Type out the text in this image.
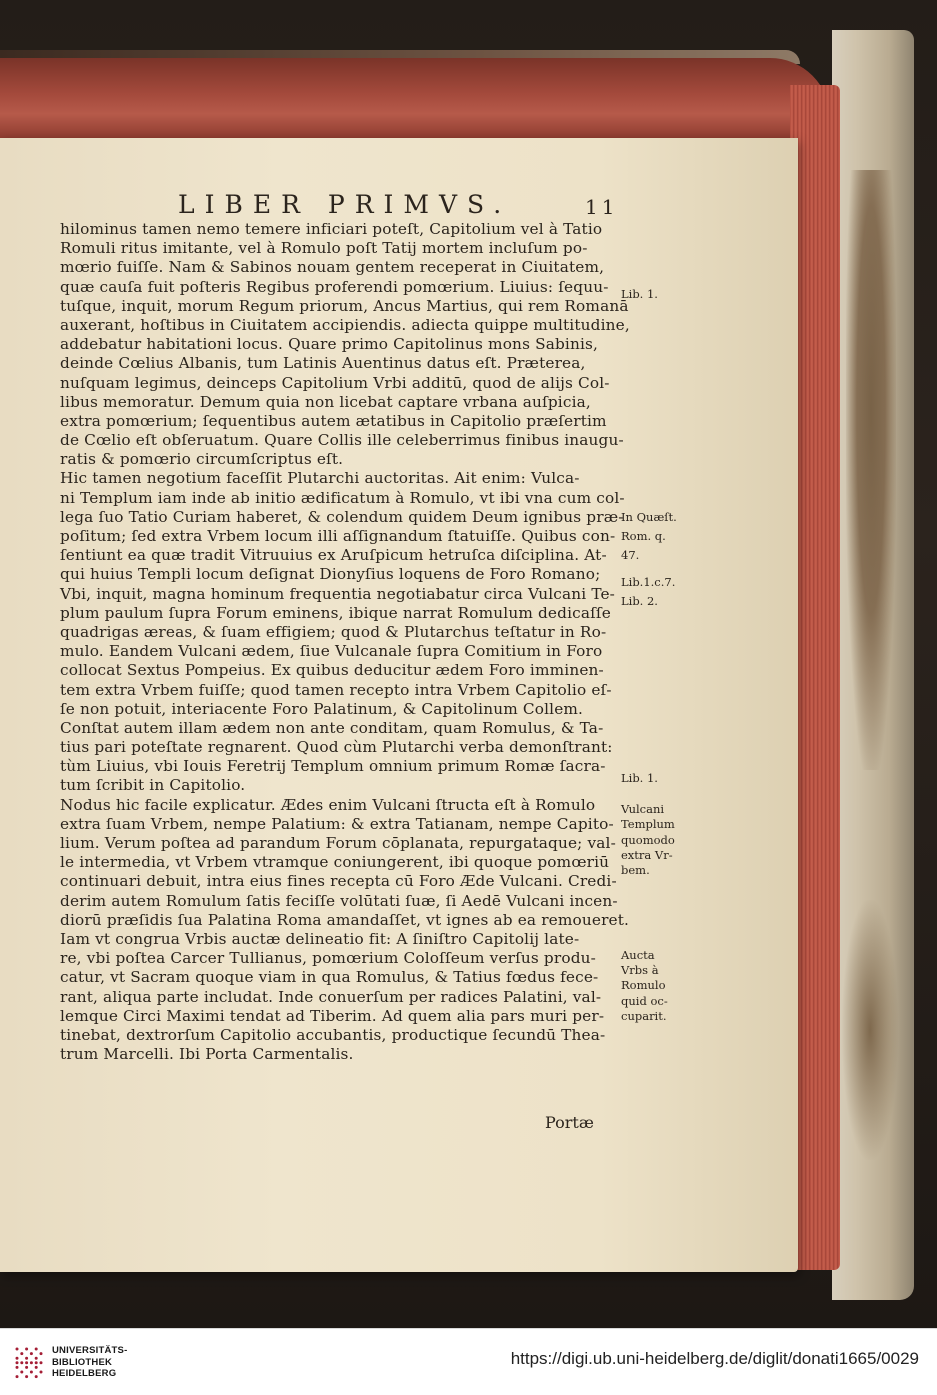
LIBER PRIMVS.	11
hilominus tamen nemo temere inficiari poteſt, Capitolium vel à Tatio
Romuli ritus imitante, vel à Romulo poſt Tatij mortem incluſum po-
mœrio fuiſſe. Nam & Sabinos nouam gentem receperat in Ciuitatem,
quæ cauſa fuit poſteris Regibus proferendi pomœrium. Liuius: ſequu-
tuſque, inquit, morum Regum priorum, Ancus Martius, qui rem Romanā
auxerant, hoſtibus in Ciuitatem accipiendis. adiecta quippe multitudine,
addebatur habitationi locus. Quare primo Capitolinus mons Sabinis,
deinde Cœlius Albanis, tum Latinis Auentinus datus eſt. Præterea,
nuſquam legimus, deinceps Capitolium Vrbi additū, quod de alijs Col-
libus memoratur. Demum quia non licebat captare vrbana auſpicia,
extra pomœrium; ſequentibus autem ætatibus in Capitolio præſertim
de Cœlio eſt obſeruatum. Quare Collis ille celeberrimus finibus inaugu-
ratis & pomœrio circumſcriptus eſt.
Hic tamen negotium faceſſit Plutarchi auctoritas. Ait enim: Vulca-
ni Templum iam inde ab initio ædificatum à Romulo, vt ibi vna cum col-
lega ſuo Tatio Curiam haberet, & colendum quidem Deum ignibus præ-
poſitum; ſed extra Vrbem locum illi aſſignandum ſtatuiſſe. Quibus con-
ſentiunt ea quæ tradit Vitruuius ex Aruſpicum hetruſca diſciplina. At-
qui huius Templi locum deſignat Dionyſius loquens de Foro Romano;
Vbi, inquit, magna hominum frequentia negotiabatur circa Vulcani Te-
plum paulum ſupra Forum eminens, ibique narrat Romulum dedicaſſe
quadrigas æreas, & ſuam effigiem; quod & Plutarchus teſtatur in Ro-
mulo. Eandem Vulcani ædem, ſiue Vulcanale ſupra Comitium in Foro
collocat Sextus Pompeius. Ex quibus deducitur ædem Foro imminen-
tem extra Vrbem fuiſſe; quod tamen recepto intra Vrbem Capitolio eſ-
ſe non potuit, interiacente Foro Palatinum, & Capitolinum Collem.
Conſtat autem illam ædem non ante conditam, quam Romulus, & Ta-
tius pari poteſtate regnarent. Quod cùm Plutarchi verba demonſtrant:
tùm Liuius, vbi Iouis Feretrij Templum omnium primum Romæ ſacra-
tum ſcribit in Capitolio.
Nodus hic facile explicatur. Ædes enim Vulcani ſtructa eſt à Romulo
extra ſuam Vrbem, nempe Palatium: & extra Tatianam, nempe Capito-
lium. Verum poſtea ad parandum Forum cōplanata, repurgataque; val-
le intermedia, vt Vrbem vtramque coniungerent, ibi quoque pomœriū
continuari debuit, intra eius fines recepta cū Foro Æde Vulcani. Credi-
derim autem Romulum ſatis feciſſe volūtati ſuæ, ſi Aedē Vulcani incen-
diorū præſidis ſua Palatina Roma amandaſſet, vt ignes ab ea remoueret.
Iam vt congrua Vrbis auctæ delineatio fit: A ſiniſtro Capitolij late-
re, vbi poſtea Carcer Tullianus, pomœrium Coloſſeum verſus produ-
catur, vt Sacram quoque viam in qua Romulus, & Tatius fœdus fece-
rant, aliqua parte includat. Inde conuerſum per radices Palatini, val-
lemque Circi Maximi tendat ad Tiberim. Ad quem alia pars muri per-
tinebat, dextrorſum Capitolio accubantis, productique ſecundū Thea-
trum Marcelli. Ibi Porta Carmentalis.
Lib. 1.
In Quæſt.
Rom. q.
47.
Lib.1.c.7.
Lib. 2.
Lib. 1.
Vulcani
Templum
quomodo
extra Vr-
bem.
Aucta
Vrbs à
Romulo
quid oc-
cuparit.
Portæ
UNIVERSITÄTS-
BIBLIOTHEK
HEIDELBERG
https://digi.ub.uni-heidelberg.de/diglit/donati1665/0029
